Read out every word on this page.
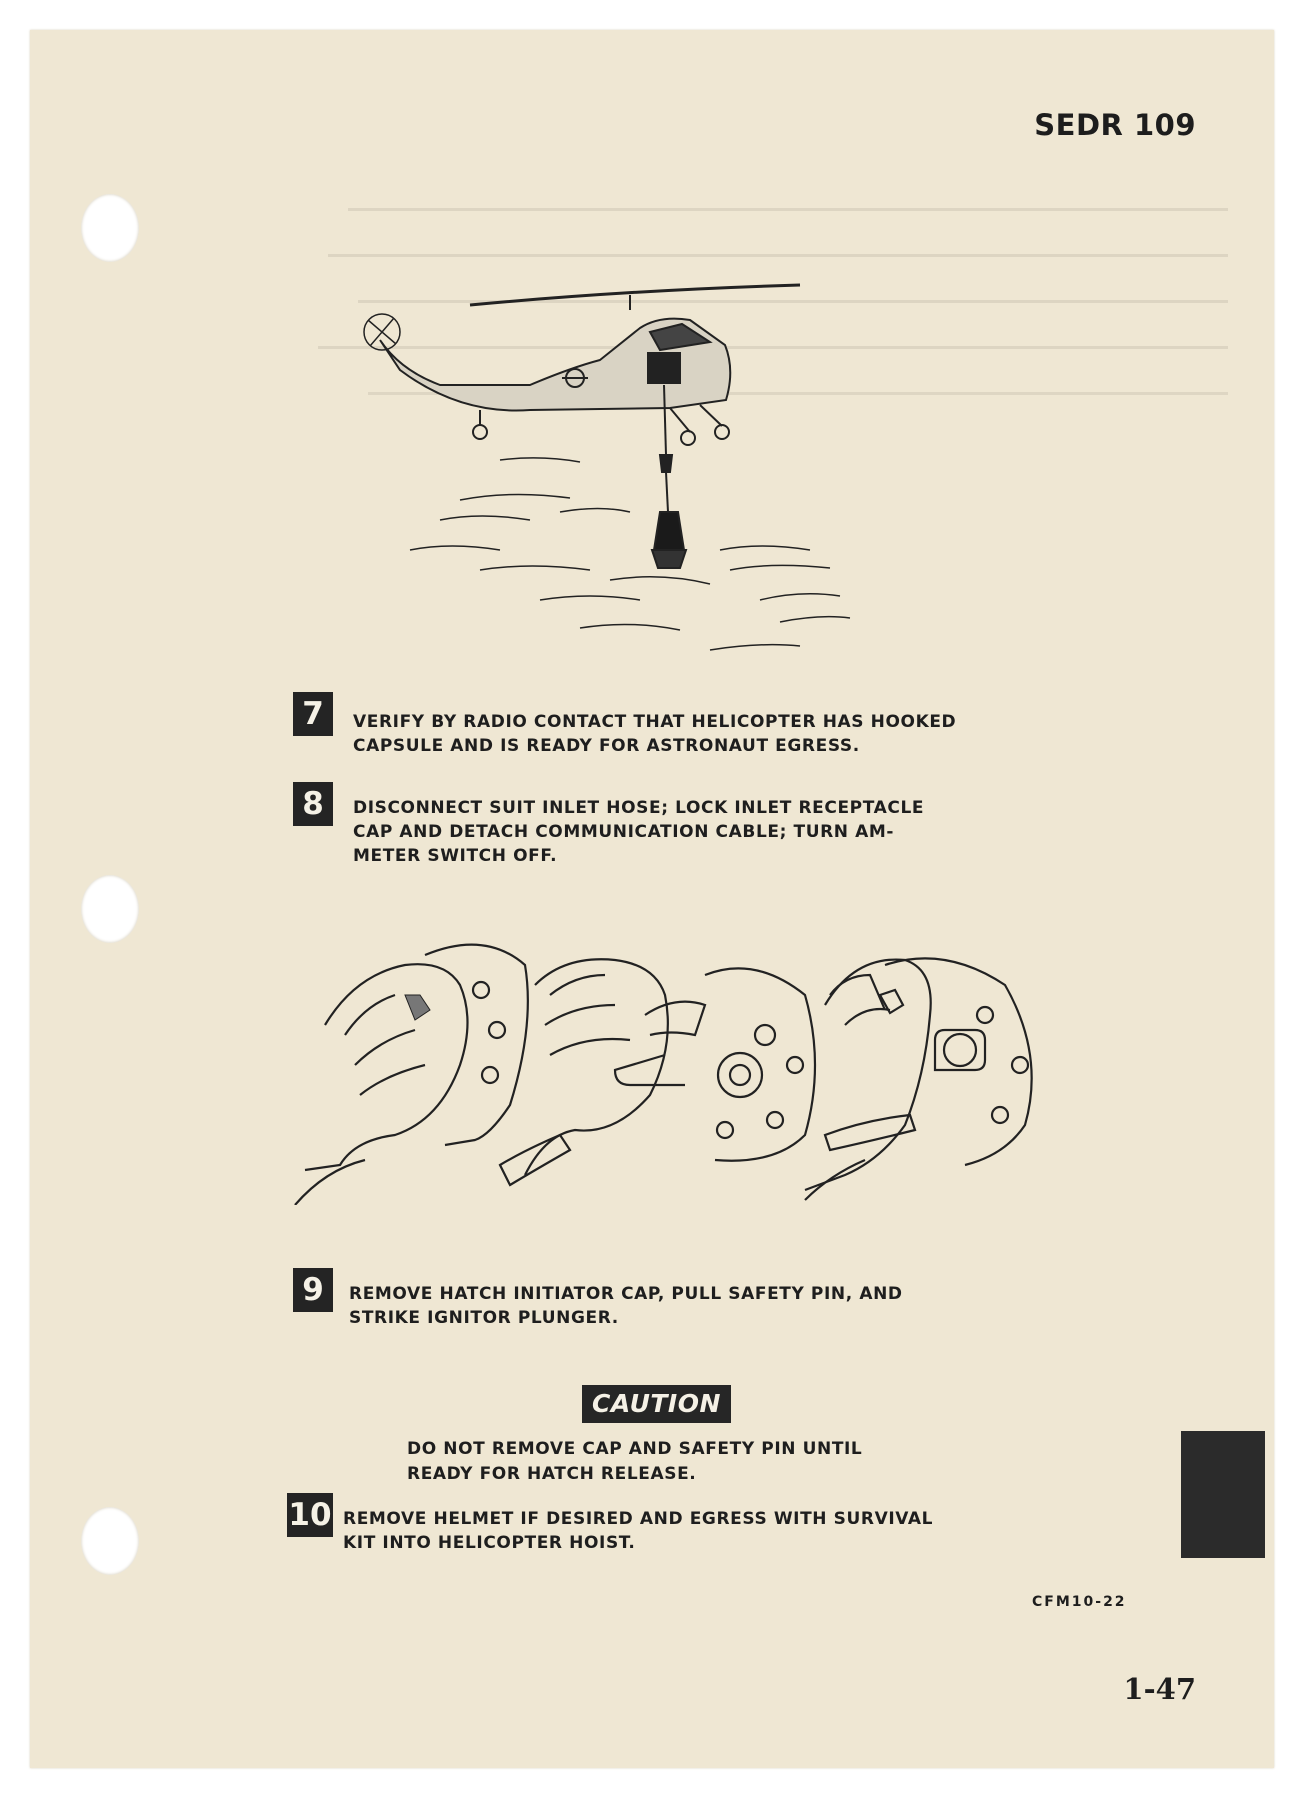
SEDR 109
7	VERIFY BY RADIO CONTACT THAT HELICOPTER HAS HOOKED
CAPSULE AND IS READY FOR ASTRONAUT EGRESS.
8	DISCONNECT SUIT INLET HOSE; LOCK INLET RECEPTACLE
CAP AND DETACH COMMUNICATION CABLE; TURN AM-
METER SWITCH OFF.
9	REMOVE HATCH INITIATOR CAP, PULL SAFETY PIN, AND
STRIKE IGNITOR PLUNGER.
CAUTION
DO NOT REMOVE CAP AND SAFETY PIN UNTIL
READY FOR HATCH RELEASE.
10 REMOVE HELMET IF DESIRED AND EGRESS WITH SURVIVAL
KIT INTO HELICOPTER HOIST.
CFM10-22
1-47
